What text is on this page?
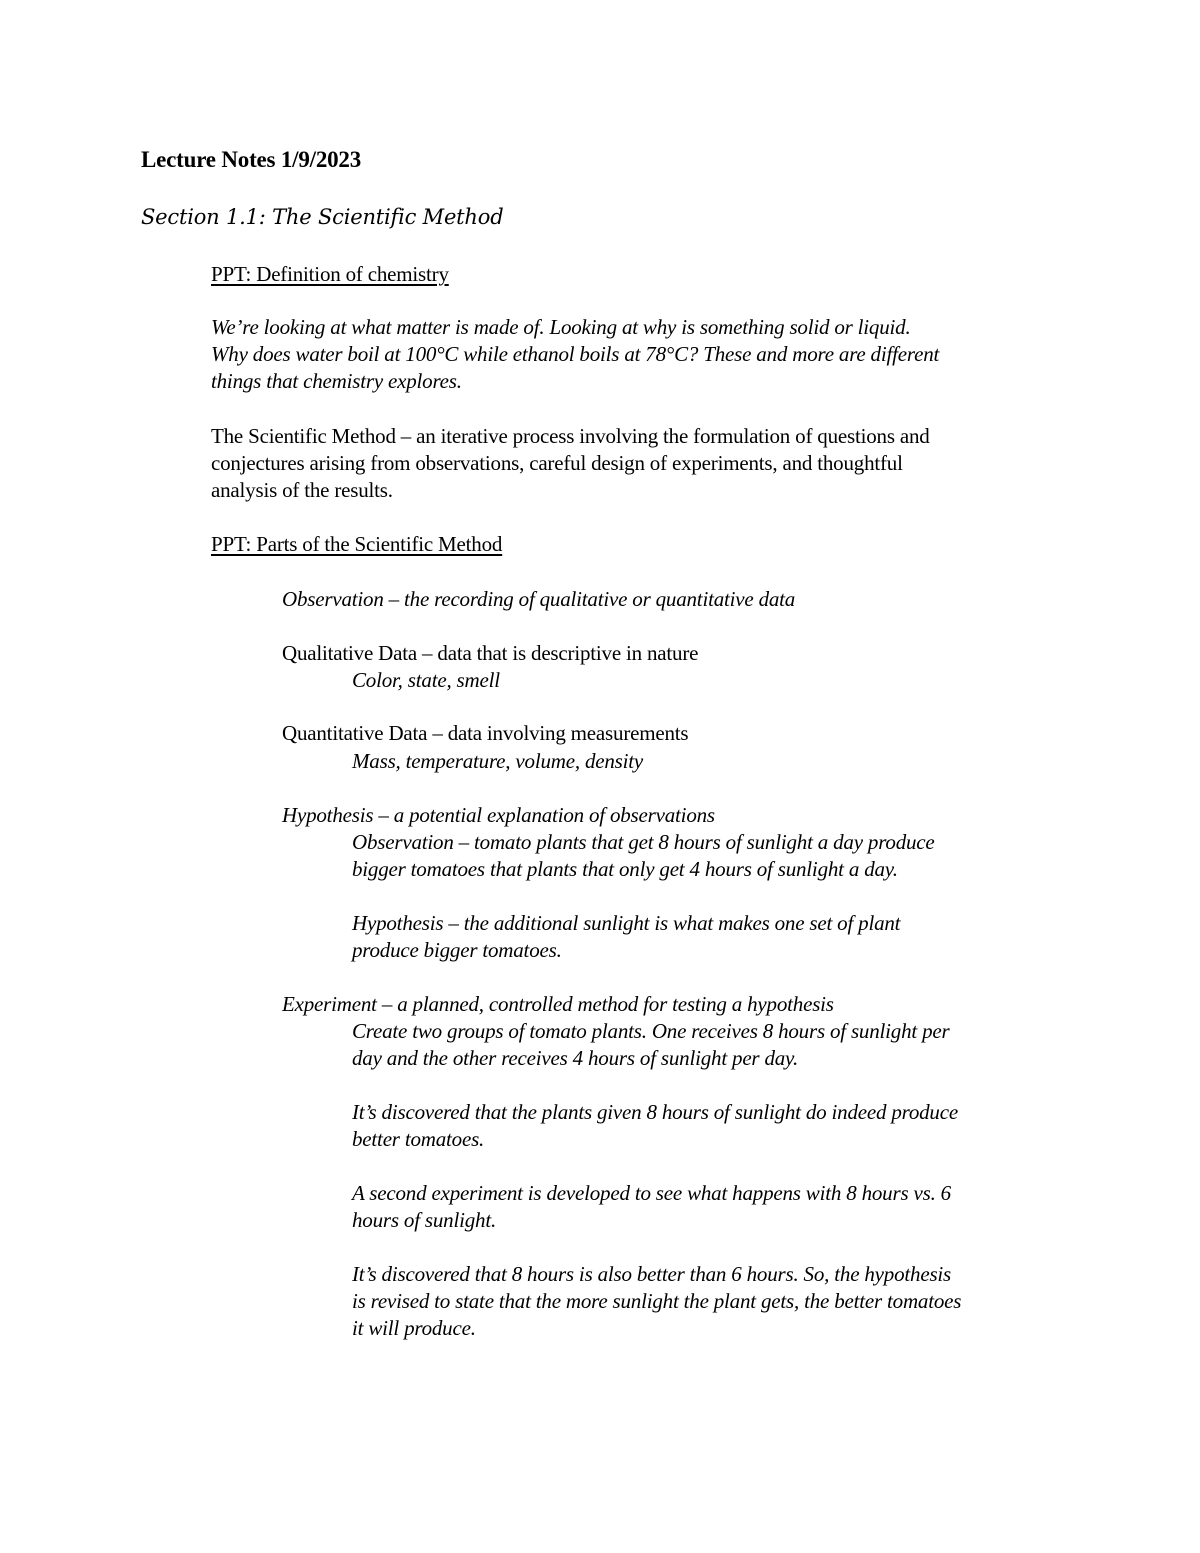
Lecture Notes 1/9/2023
Section 1.1: The Scientific Method
PPT: Definition of chemistry
We’re looking at what matter is made of. Looking at why is something solid or liquid.
Why does water boil at 100°C while ethanol boils at 78°C? These and more are different
things that chemistry explores.
The Scientific Method – an iterative process involving the formulation of questions and
conjectures arising from observations, careful design of experiments, and thoughtful
analysis of the results.
PPT: Parts of the Scientific Method
Observation – the recording of qualitative or quantitative data
Qualitative Data – data that is descriptive in nature
Color, state, smell
Quantitative Data – data involving measurements
Mass, temperature, volume, density
Hypothesis – a potential explanation of observations
Observation – tomato plants that get 8 hours of sunlight a day produce
bigger tomatoes that plants that only get 4 hours of sunlight a day.
Hypothesis – the additional sunlight is what makes one set of plant
produce bigger tomatoes.
Experiment – a planned, controlled method for testing a hypothesis
Create two groups of tomato plants. One receives 8 hours of sunlight per
day and the other receives 4 hours of sunlight per day.
It’s discovered that the plants given 8 hours of sunlight do indeed produce
better tomatoes.
A second experiment is developed to see what happens with 8 hours vs. 6
hours of sunlight.
It’s discovered that 8 hours is also better than 6 hours. So, the hypothesis
is revised to state that the more sunlight the plant gets, the better tomatoes
it will produce.
